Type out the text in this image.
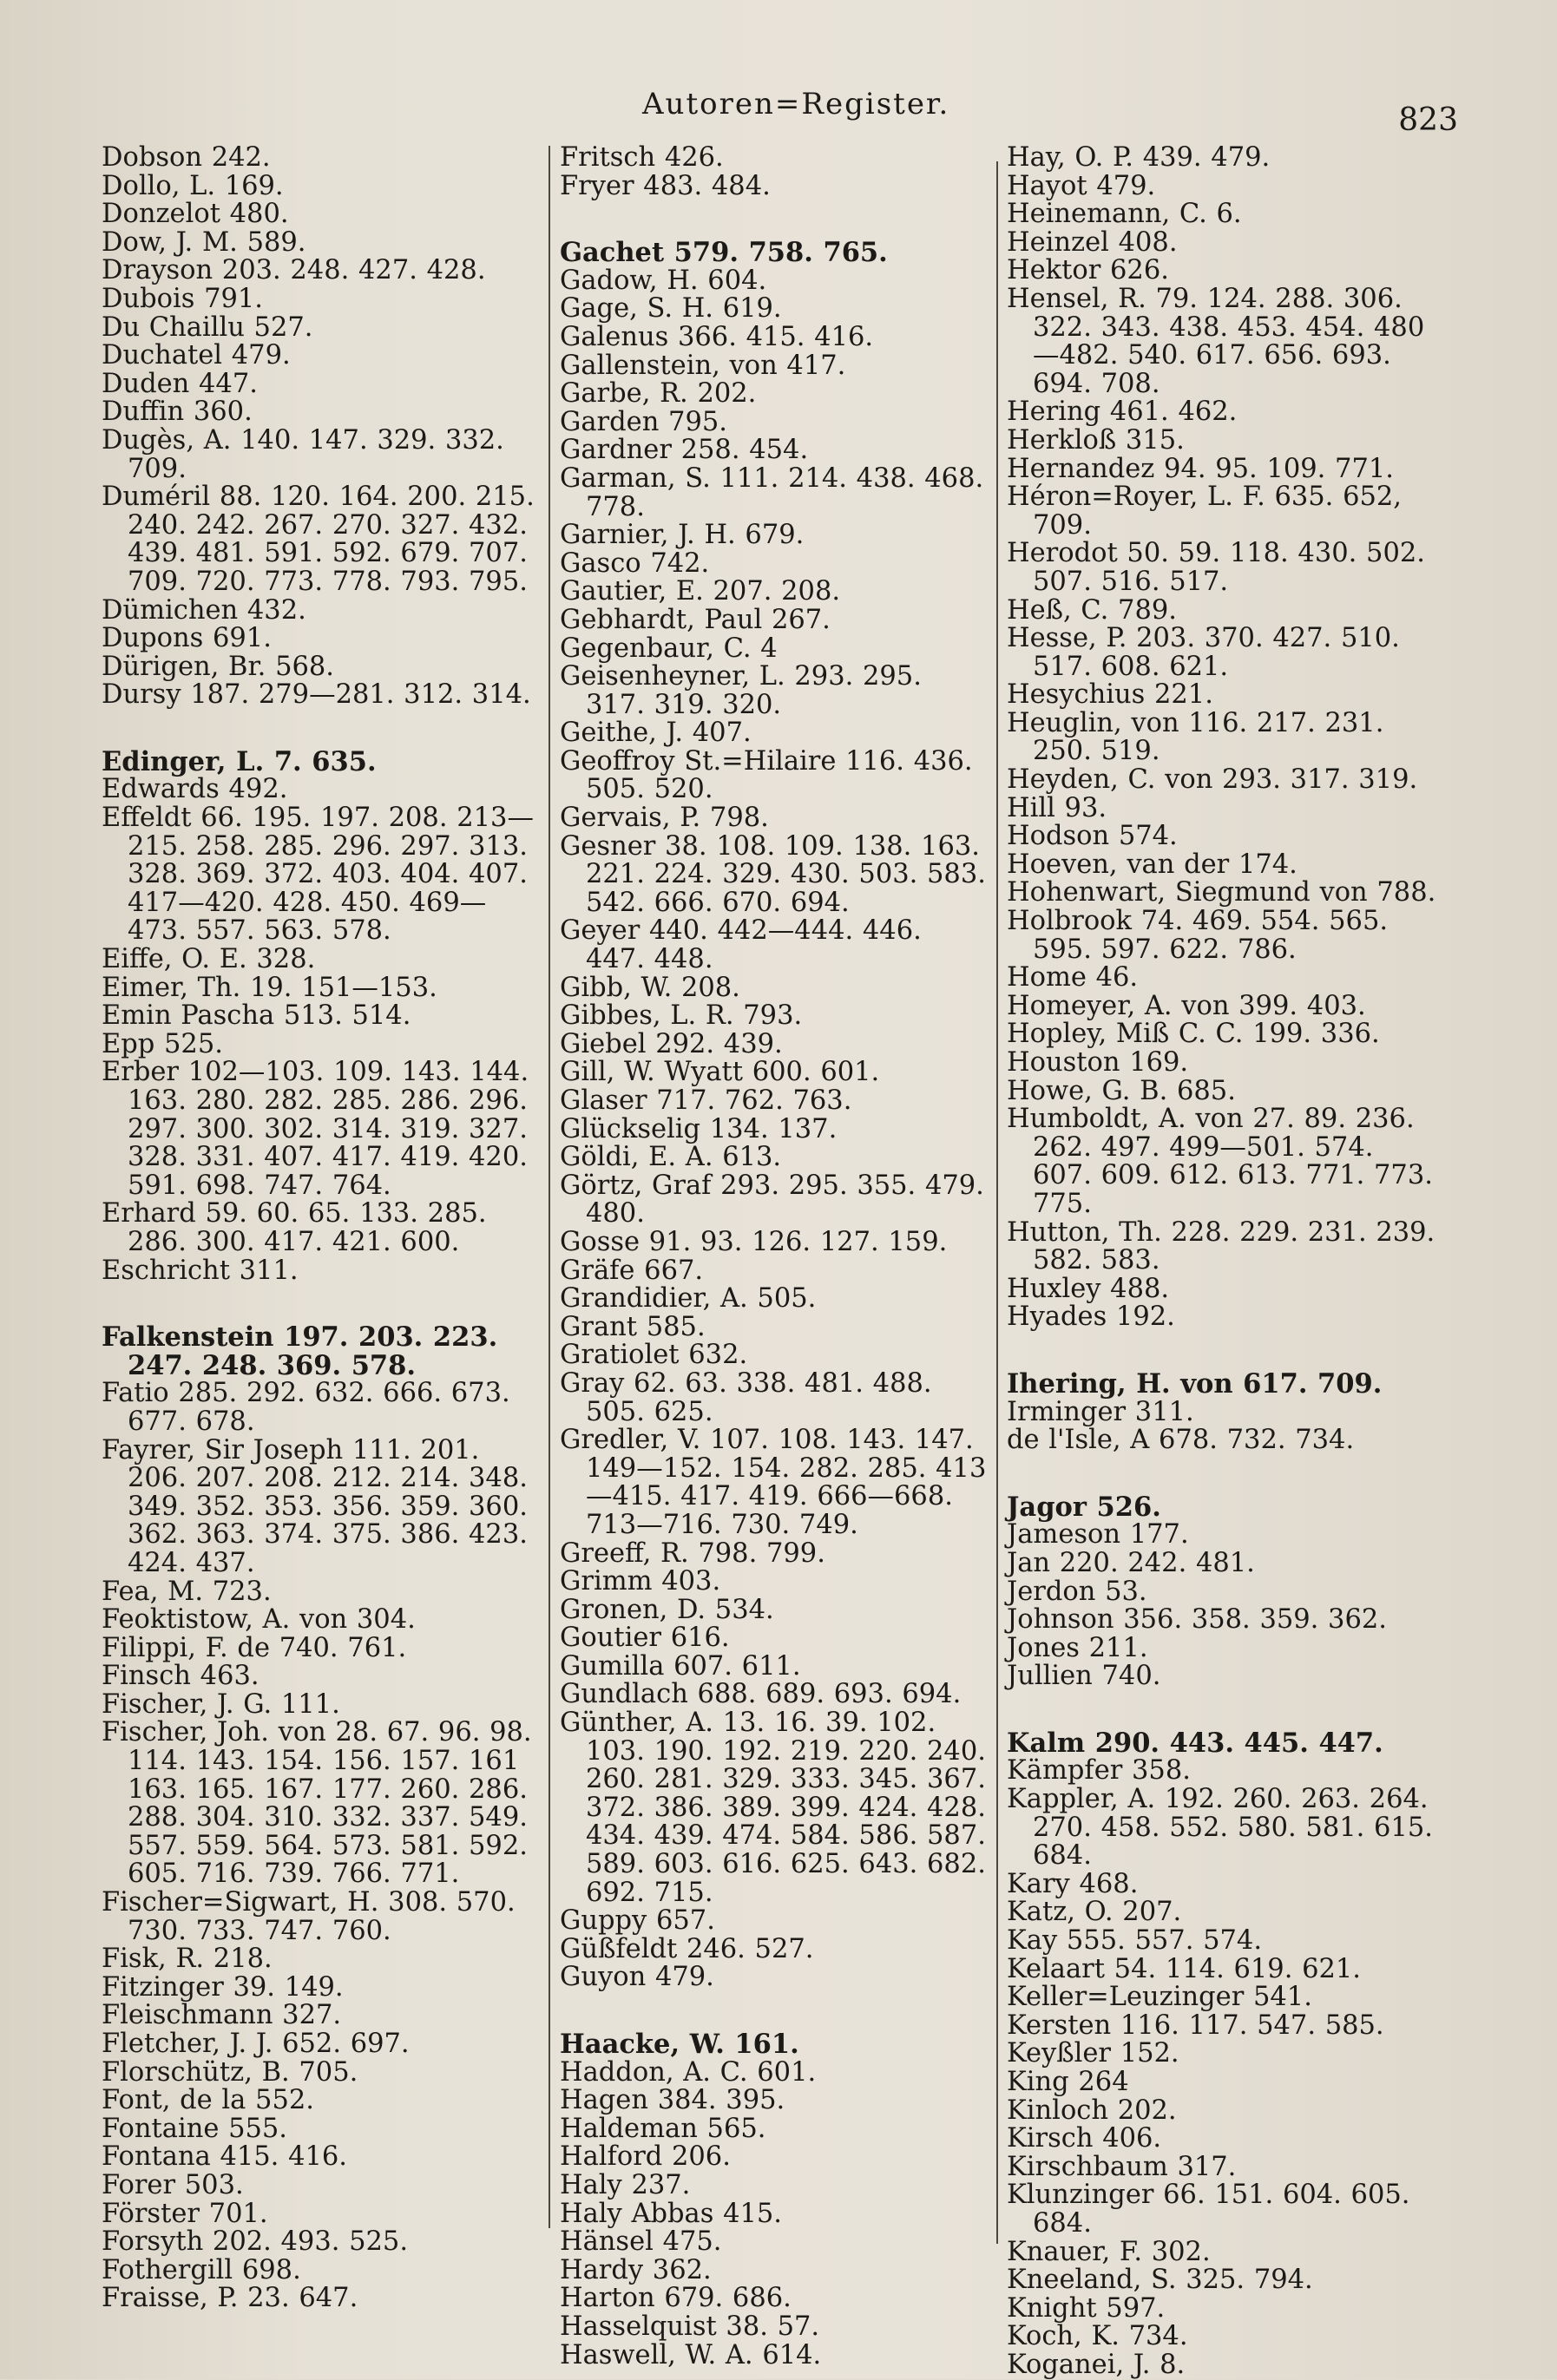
Autoren=Register.	823
Dobson 242.
Dollo, L. 169.
Donzelot 480.
Dow, J. M. 589.
Drayson 203. 248. 427. 428.
Dubois 791.
Du Chaillu 527.
Duchatel 479.
Duden 447.
Duffin 360.
Dugès, A. 140. 147. 329. 332. 709.
Duméril 88. 120. 164. 200. 215. 240. 242. 267. 270. 327. 432. 439. 481. 591. 592. 679. 707. 709. 720. 773. 778. 793. 795.
Dümichen 432.
Dupons 691.
Dürigen, Br. 568.
Dursy 187. 279—281. 312. 314.
Edinger, L. 7. 635.
Edwards 492.
Effeldt 66. 195. 197. 208. 213—215. 258. 285. 296. 297. 313. 328. 369. 372. 403. 404. 407. 417—420. 428. 450. 469—473. 557. 563. 578.
Eiffe, O. E. 328.
Eimer, Th. 19. 151—153.
Emin Pascha 513. 514.
Epp 525.
Erber 102—103. 109. 143. 144. 163. 280. 282. 285. 286. 296. 297. 300. 302. 314. 319. 327. 328. 331. 407. 417. 419. 420. 591. 698. 747. 764.
Erhard 59. 60. 65. 133. 285. 286. 300. 417. 421. 600.
Eschricht 311.
Falkenstein 197. 203. 223. 247. 248. 369. 578.
Fatio 285. 292. 632. 666. 673. 677. 678.
Fayrer, Sir Joseph 111. 201. 206. 207. 208. 212. 214. 348. 349. 352. 353. 356. 359. 360. 362. 363. 374. 375. 386. 423. 424. 437.
Fea, M. 723.
Feoktistow, A. von 304.
Filippi, F. de 740. 761.
Finsch 463.
Fischer, J. G. 111.
Fischer, Joh. von 28. 67. 96. 98. 114. 143. 154. 156. 157. 161 163. 165. 167. 177. 260. 286. 288. 304. 310. 332. 337. 549. 557. 559. 564. 573. 581. 592. 605. 716. 739. 766. 771.
Fischer=Sigwart, H. 308. 570. 730. 733. 747. 760.
Fisk, R. 218.
Fitzinger 39. 149.
Fleischmann 327.
Fletcher, J. J. 652. 697.
Florschütz, B. 705.
Font, de la 552.
Fontaine 555.
Fontana 415. 416.
Forer 503.
Förster 701.
Forsyth 202. 493. 525.
Fothergill 698.
Fraisse, P. 23. 647.
Fritsch 426.
Fryer 483. 484.
Gachet 579. 758. 765.
Gadow, H. 604.
Gage, S. H. 619.
Galenus 366. 415. 416.
Gallenstein, von 417.
Garbe, R. 202.
Garden 795.
Gardner 258. 454.
Garman, S. 111. 214. 438. 468. 778.
Garnier, J. H. 679.
Gasco 742.
Gautier, E. 207. 208.
Gebhardt, Paul 267.
Gegenbaur, C. 4
Geisenheyner, L. 293. 295. 317. 319. 320.
Geithe, J. 407.
Geoffroy St.=Hilaire 116. 436. 505. 520.
Gervais, P. 798.
Gesner 38. 108. 109. 138. 163. 221. 224. 329. 430. 503. 583. 542. 666. 670. 694.
Geyer 440. 442—444. 446. 447. 448.
Gibb, W. 208.
Gibbes, L. R. 793.
Giebel 292. 439.
Gill, W. Wyatt 600. 601.
Glaser 717. 762. 763.
Glückselig 134. 137.
Göldi, E. A. 613.
Görtz, Graf 293. 295. 355. 479. 480.
Gosse 91. 93. 126. 127. 159.
Gräfe 667.
Grandidier, A. 505.
Grant 585.
Gratiolet 632.
Gray 62. 63. 338. 481. 488. 505. 625.
Gredler, V. 107. 108. 143. 147. 149—152. 154. 282. 285. 413—415. 417. 419. 666—668. 713—716. 730. 749.
Greeff, R. 798. 799.
Grimm 403.
Gronen, D. 534.
Goutier 616.
Gumilla 607. 611.
Gundlach 688. 689. 693. 694.
Günther, A. 13. 16. 39. 102. 103. 190. 192. 219. 220. 240. 260. 281. 329. 333. 345. 367. 372. 386. 389. 399. 424. 428. 434. 439. 474. 584. 586. 587. 589. 603. 616. 625. 643. 682. 692. 715.
Guppy 657.
Güßfeldt 246. 527.
Guyon 479.
Haacke, W. 161.
Haddon, A. C. 601.
Hagen 384. 395.
Haldeman 565.
Halford 206.
Haly 237.
Haly Abbas 415.
Hänsel 475.
Hardy 362.
Harton 679. 686.
Hasselquist 38. 57.
Haswell, W. A. 614.
Hay, O. P. 439. 479.
Hayot 479.
Heinemann, C. 6.
Heinzel 408.
Hektor 626.
Hensel, R. 79. 124. 288. 306. 322. 343. 438. 453. 454. 480—482. 540. 617. 656. 693. 694. 708.
Hering 461. 462.
Herkloß 315.
Hernandez 94. 95. 109. 771.
Héron=Royer, L. F. 635. 652, 709.
Herodot 50. 59. 118. 430. 502. 507. 516. 517.
Heß, C. 789.
Hesse, P. 203. 370. 427. 510. 517. 608. 621.
Hesychius 221.
Heuglin, von 116. 217. 231. 250. 519.
Heyden, C. von 293. 317. 319.
Hill 93.
Hodson 574.
Hoeven, van der 174.
Hohenwart, Siegmund von 788.
Holbrook 74. 469. 554. 565. 595. 597. 622. 786.
Home 46.
Homeyer, A. von 399. 403.
Hopley, Miß C. C. 199. 336.
Houston 169.
Howe, G. B. 685.
Humboldt, A. von 27. 89. 236. 262. 497. 499—501. 574. 607. 609. 612. 613. 771. 773. 775.
Hutton, Th. 228. 229. 231. 239. 582. 583.
Huxley 488.
Hyades 192.
Ihering, H. von 617. 709.
Irminger 311.
de l'Isle, A 678. 732. 734.
Jagor 526.
Jameson 177.
Jan 220. 242. 481.
Jerdon 53.
Johnson 356. 358. 359. 362.
Jones 211.
Jullien 740.
Kalm 290. 443. 445. 447.
Kämpfer 358.
Kappler, A. 192. 260. 263. 264. 270. 458. 552. 580. 581. 615. 684.
Kary 468.
Katz, O. 207.
Kay 555. 557. 574.
Kelaart 54. 114. 619. 621.
Keller=Leuzinger 541.
Kersten 116. 117. 547. 585.
Keyßler 152.
King 264
Kinloch 202.
Kirsch 406.
Kirschbaum 317.
Klunzinger 66. 151. 604. 605. 684.
Knauer, F. 302.
Kneeland, S. 325. 794.
Knight 597.
Koch, K. 734.
Koganei, J. 8.
